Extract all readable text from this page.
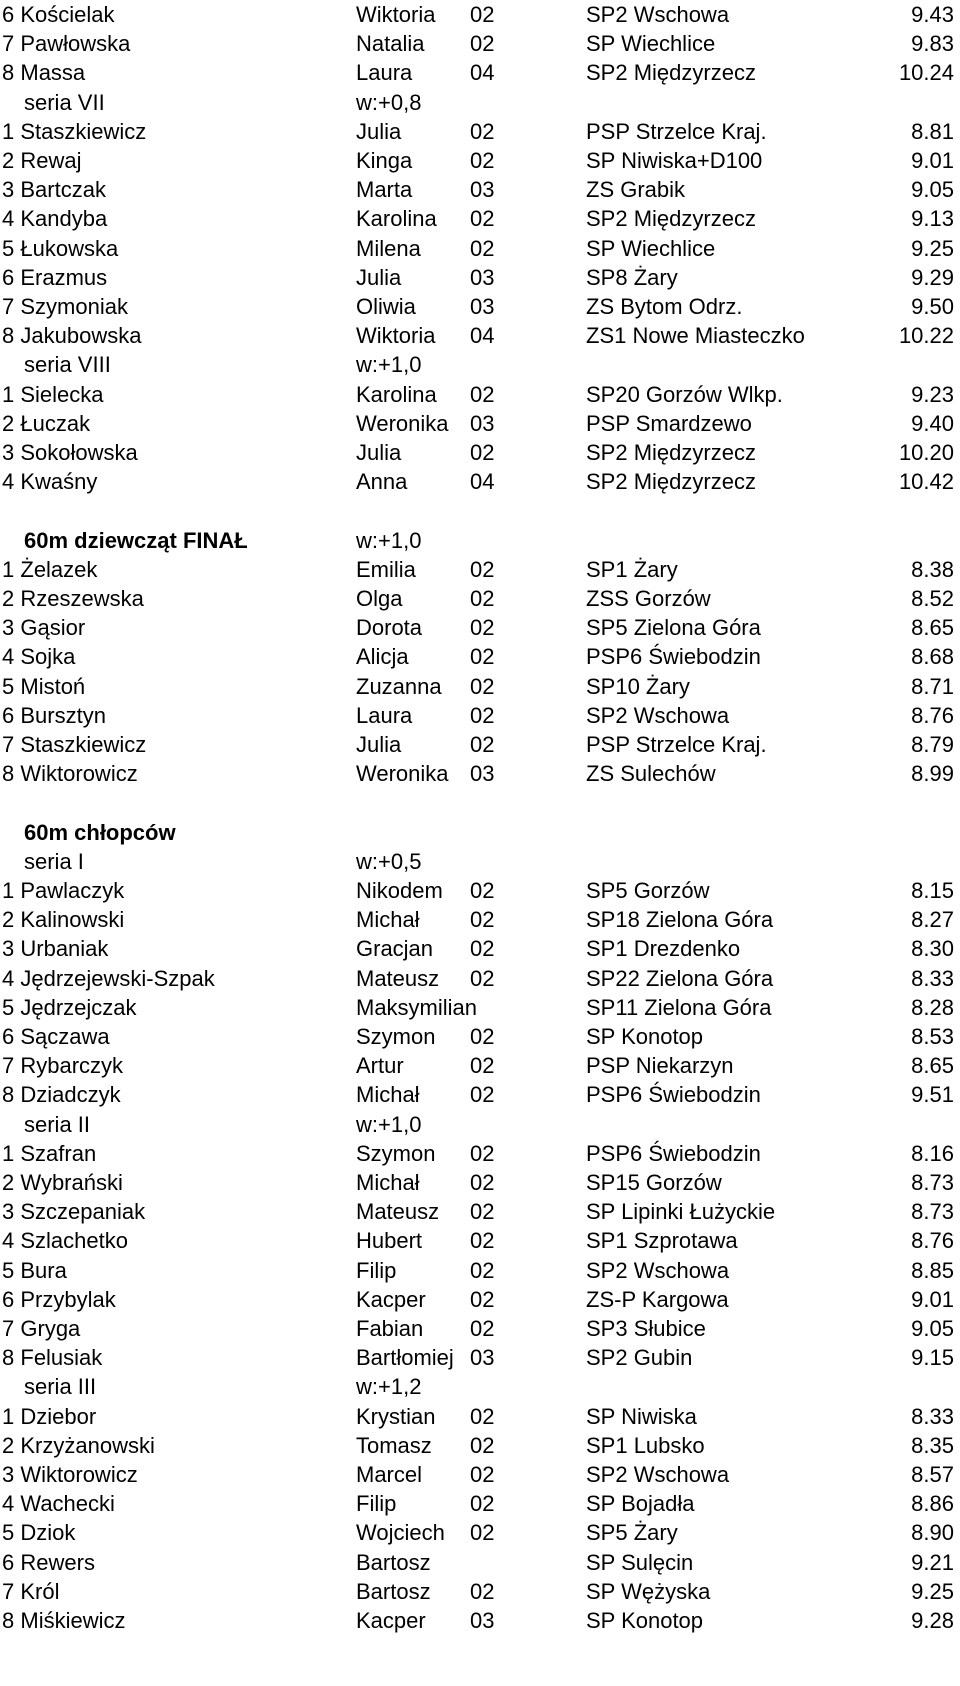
6 Kościelak	Wiktoria 02	SP2 Wschowa	9.43
7 Pawłowska	Natalia 02	SP Wiechlice	9.83
8 Massa	Laura	04	SP2 Międzyrzecz	10.24
seria VII	w:+0,8
1 Staszkiewicz	Julia	02	PSP Strzelce Kraj.	8.81
2 Rewaj	Kinga	02	SP Niwiska+D100	9.01
3 Bartczak	Marta	03	ZS Grabik	9.05
4 Kandyba	Karolina 02	SP2 Międzyrzecz	9.13
5 Łukowska	Milena 02	SP Wiechlice	9.25
6 Erazmus	Julia	03	SP8 Żary	9.29
7 Szymoniak	Oliwia 03	ZS Bytom Odrz.	9.50
8 Jakubowska	Wiktoria 04	ZS1 Nowe Miasteczko	10.22
seria VIII	w:+1,0
1 Sielecka	Karolina 02	SP20 Gorzów Wlkp.	9.23
2 Łuczak	Weronika 03	PSP Smardzewo	9.40
3 Sokołowska	Julia	02	SP2 Międzyrzecz	10.20
4 Kwaśny	Anna	04	SP2 Międzyrzecz	10.42
60m dziewcząt FINAŁ	w:+1,0
1 Żelazek	Emilia 02	SP1 Żary	8.38
2 Rzeszewska	Olga	02	ZSS Gorzów	8.52
3 Gąsior	Dorota 02	SP5 Zielona Góra	8.65
4 Sojka	Alicja	02	PSP6 Świebodzin	8.68
5 Mistoń	Zuzanna 02	SP10 Żary	8.71
6 Bursztyn	Laura	02	SP2 Wschowa	8.76
7 Staszkiewicz	Julia	02	PSP Strzelce Kraj.	8.79
8 Wiktorowicz	Weronika 03	ZS Sulechów	8.99
60m chłopców
seria I	w:+0,5
1 Pawlaczyk	Nikodem 02	SP5 Gorzów	8.15
2 Kalinowski	Michał 02	SP18 Zielona Góra	8.27
3 Urbaniak	Gracjan 02	SP1 Drezdenko	8.30
4 Jędrzejewski-Szpak	Mateusz 02	SP22 Zielona Góra	8.33
5 Jędrzejczak	Maksymilian	SP11 Zielona Góra	8.28
6 Sączawa	Szymon 02	SP Konotop	8.53
7 Rybarczyk	Artur	02	PSP Niekarzyn	8.65
8 Dziadczyk	Michał 02	PSP6 Świebodzin	9.51
seria II	w:+1,0
1 Szafran	Szymon 02	PSP6 Świebodzin	8.16
2 Wybrański	Michał 02	SP15 Gorzów	8.73
3 Szczepaniak	Mateusz 02	SP Lipinki Łużyckie	8.73
4 Szlachetko	Hubert 02	SP1 Szprotawa	8.76
5 Bura	Filip	02	SP2 Wschowa	8.85
6 Przybylak	Kacper 02	ZS-P Kargowa	9.01
7 Gryga	Fabian 02	SP3 Słubice	9.05
8 Felusiak	Bartłomiej 03	SP2 Gubin	9.15
seria III	w:+1,2
1 Dziebor	Krystian 02	SP Niwiska	8.33
2 Krzyżanowski	Tomasz 02	SP1 Lubsko	8.35
3 Wiktorowicz	Marcel 02	SP2 Wschowa	8.57
4 Wachecki	Filip	02	SP Bojadła	8.86
5 Dziok	Wojciech 02	SP5 Żary	8.90
6 Rewers	Bartosz	SP Sulęcin	9.21
7 Król	Bartosz 02	SP Wężyska	9.25
8 Miśkiewicz	Kacper 03	SP Konotop	9.28
